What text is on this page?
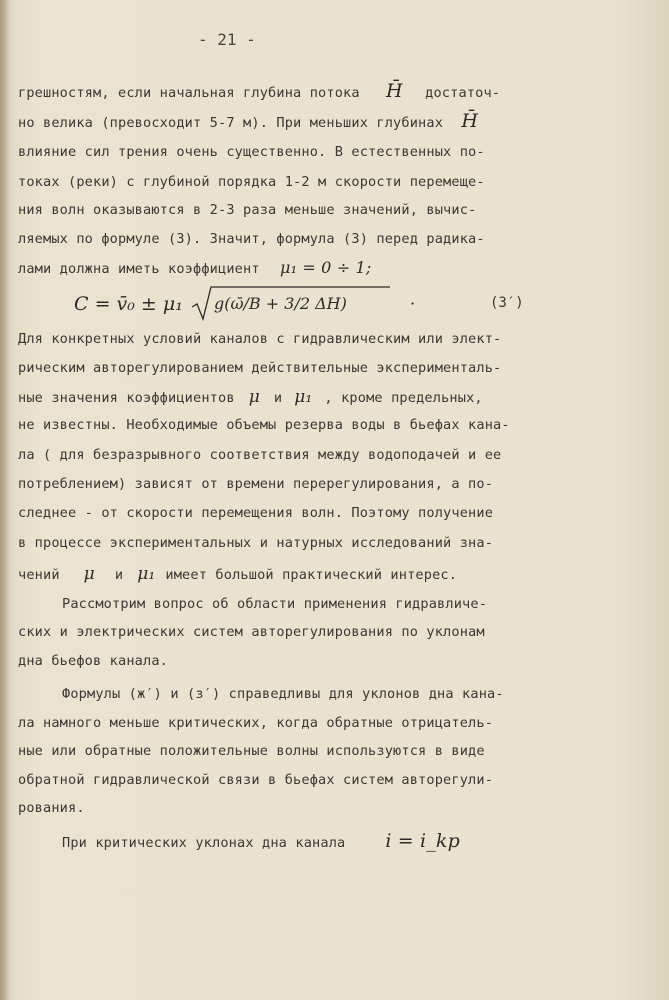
- 21 -
грешностям, если начальная глубина потока H̄ достаточ-
но велика (превосходит 5-7 м). При меньших глубинах H̄
влияние сил трения очень существенно. В естественных по-
токах (реки) с глубиной порядка 1-2 м скорости перемеще-
ния волн оказываются в 2-3 раза меньше значений, вычис-
ляемых по формуле (3). Значит, формула (3) перед радика-
лами должна иметь коэффициент μ₁ = 0 ÷ 1;
C = v̄₀ ± μ₁ g(ω̄/B + 3/2 ΔH)	·	(3′)
Для конкретных условий каналов с гидравлическим или элект-
рическим авторегулированием действительные эксперименталь-
ные значения коэффициентов μ и μ₁ , кроме предельных,
не известны. Необходимые объемы резерва воды в бьефах кана-
ла ( для безразрывного соответствия между водоподачей и ее
потреблением) зависят от времени перерегулирования, а по-
следнее - от скорости перемещения волн. Поэтому получение
в процессе экспериментальных и натурных исследований зна-
чений μ и μ₁ имеет большой практический интерес.
Рассмотрим вопрос об области применения гидравличе-
ских и электрических систем авторегулирования по уклонам
дна бьефов канала.
Формулы (ж′) и (з′) справедливы для уклонов дна кана-
ла намного меньше критических, когда обратные отрицатель-
ные или обратные положительные волны используются в виде
обратной гидравлической связи в бьефах систем авторегули-
рования.
При критических уклонах дна канала i = i_kp
